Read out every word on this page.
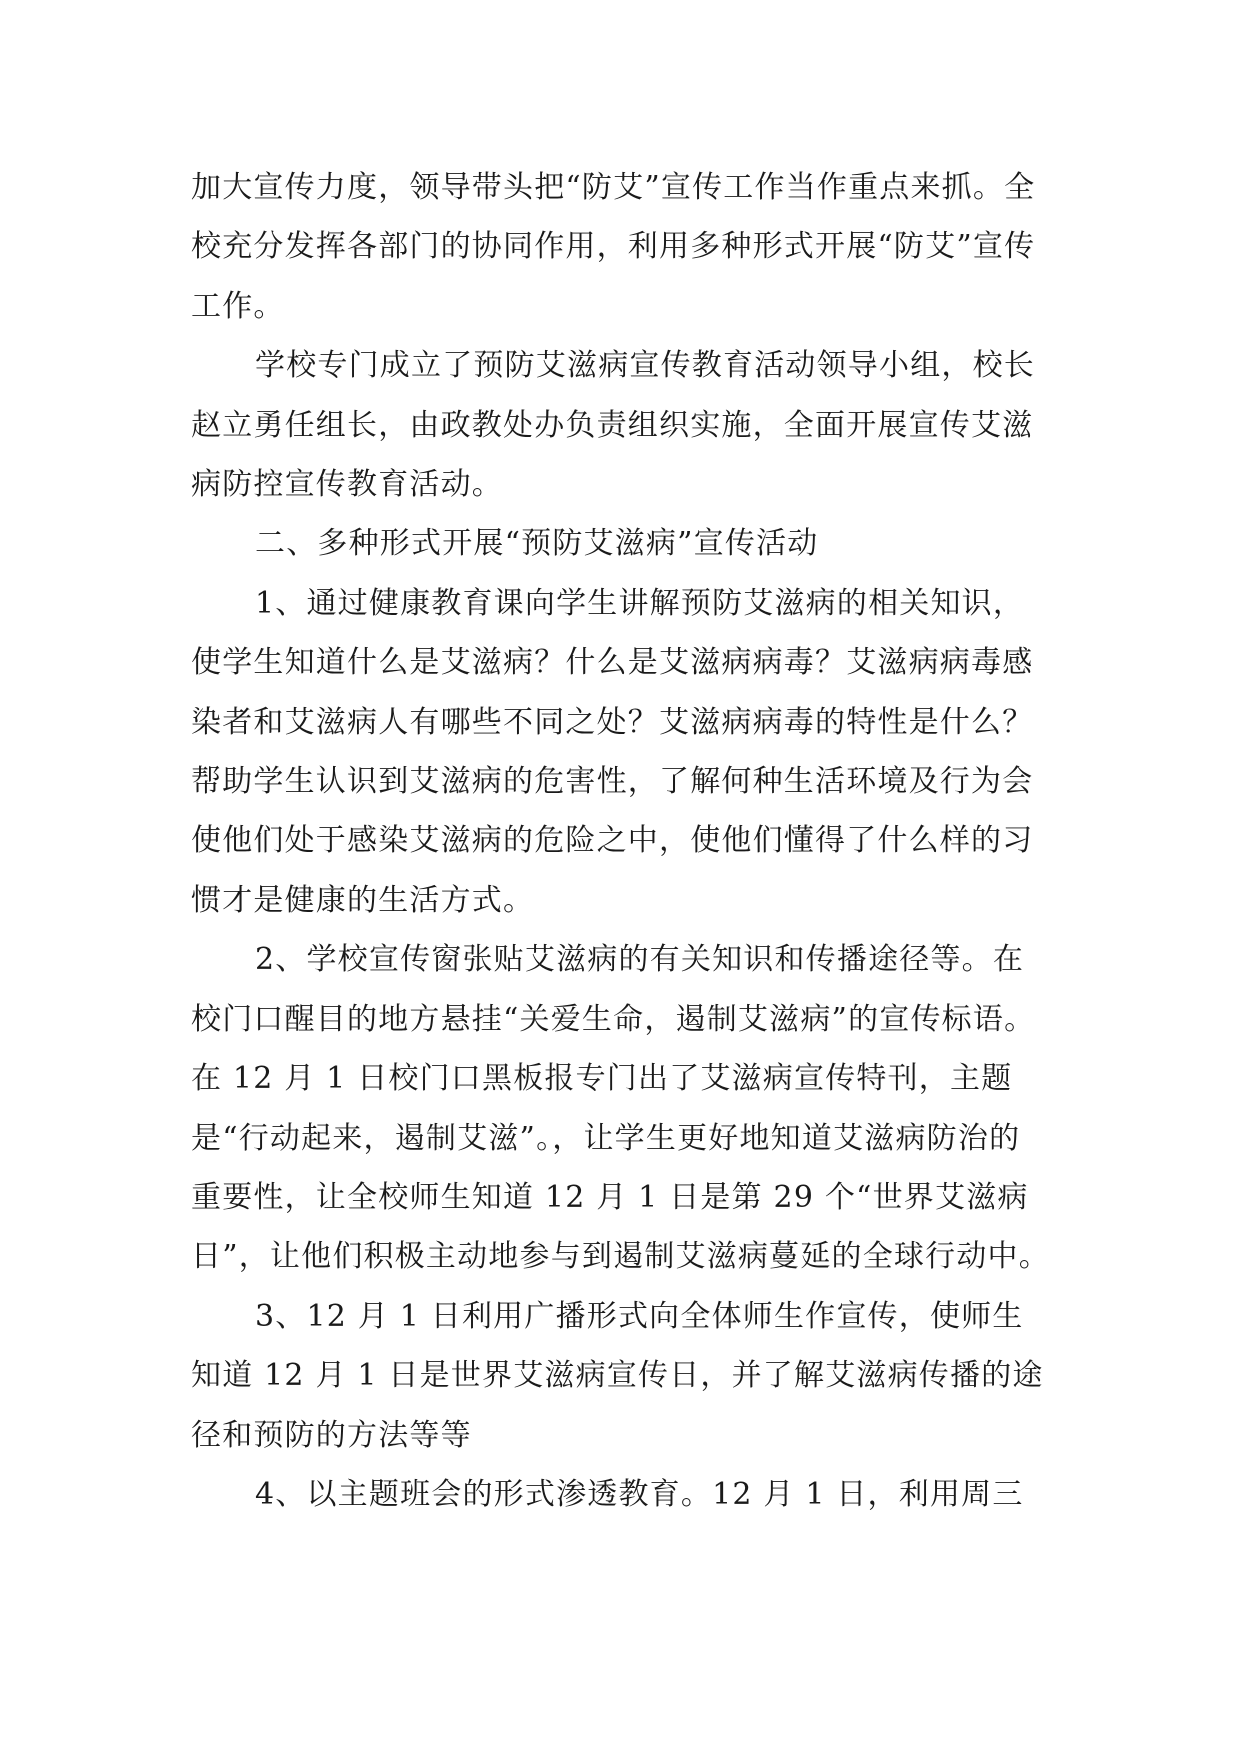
加大宣传力度，领导带头把“防艾”宣传工作当作重点来抓。全校充分发挥各部门的协同作用，利用多种形式开展“防艾”宣传工作。

学校专门成立了预防艾滋病宣传教育活动领导小组，校长赵立勇任组长，由政教处办负责组织实施，全面开展宣传艾滋病防控宣传教育活动。

二、多种形式开展“预防艾滋病”宣传活动

1、通过健康教育课向学生讲解预防艾滋病的相关知识，使学生知道什么是艾滋病？什么是艾滋病病毒？艾滋病病毒感染者和艾滋病人有哪些不同之处？艾滋病病毒的特性是什么？帮助学生认识到艾滋病的危害性，了解何种生活环境及行为会使他们处于感染艾滋病的危险之中，使他们懂得了什么样的习惯才是健康的生活方式。

2、学校宣传窗张贴艾滋病的有关知识和传播途径等。在校门口醒目的地方悬挂“关爱生命，遏制艾滋病”的宣传标语。在 12 月 1 日校门口黑板报专门出了艾滋病宣传特刊，主题是“行动起来，遏制艾滋”。，让学生更好地知道艾滋病防治的重要性，让全校师生知道 12 月 1 日是第 29 个“世界艾滋病日”，让他们积极主动地参与到遏制艾滋病蔓延的全球行动中。

3、12 月 1 日利用广播形式向全体师生作宣传，使师生知道 12 月 1 日是世界艾滋病宣传日，并了解艾滋病传播的途径和预防的方法等等

4、以主题班会的形式渗透教育。12 月 1 日，利用周三
